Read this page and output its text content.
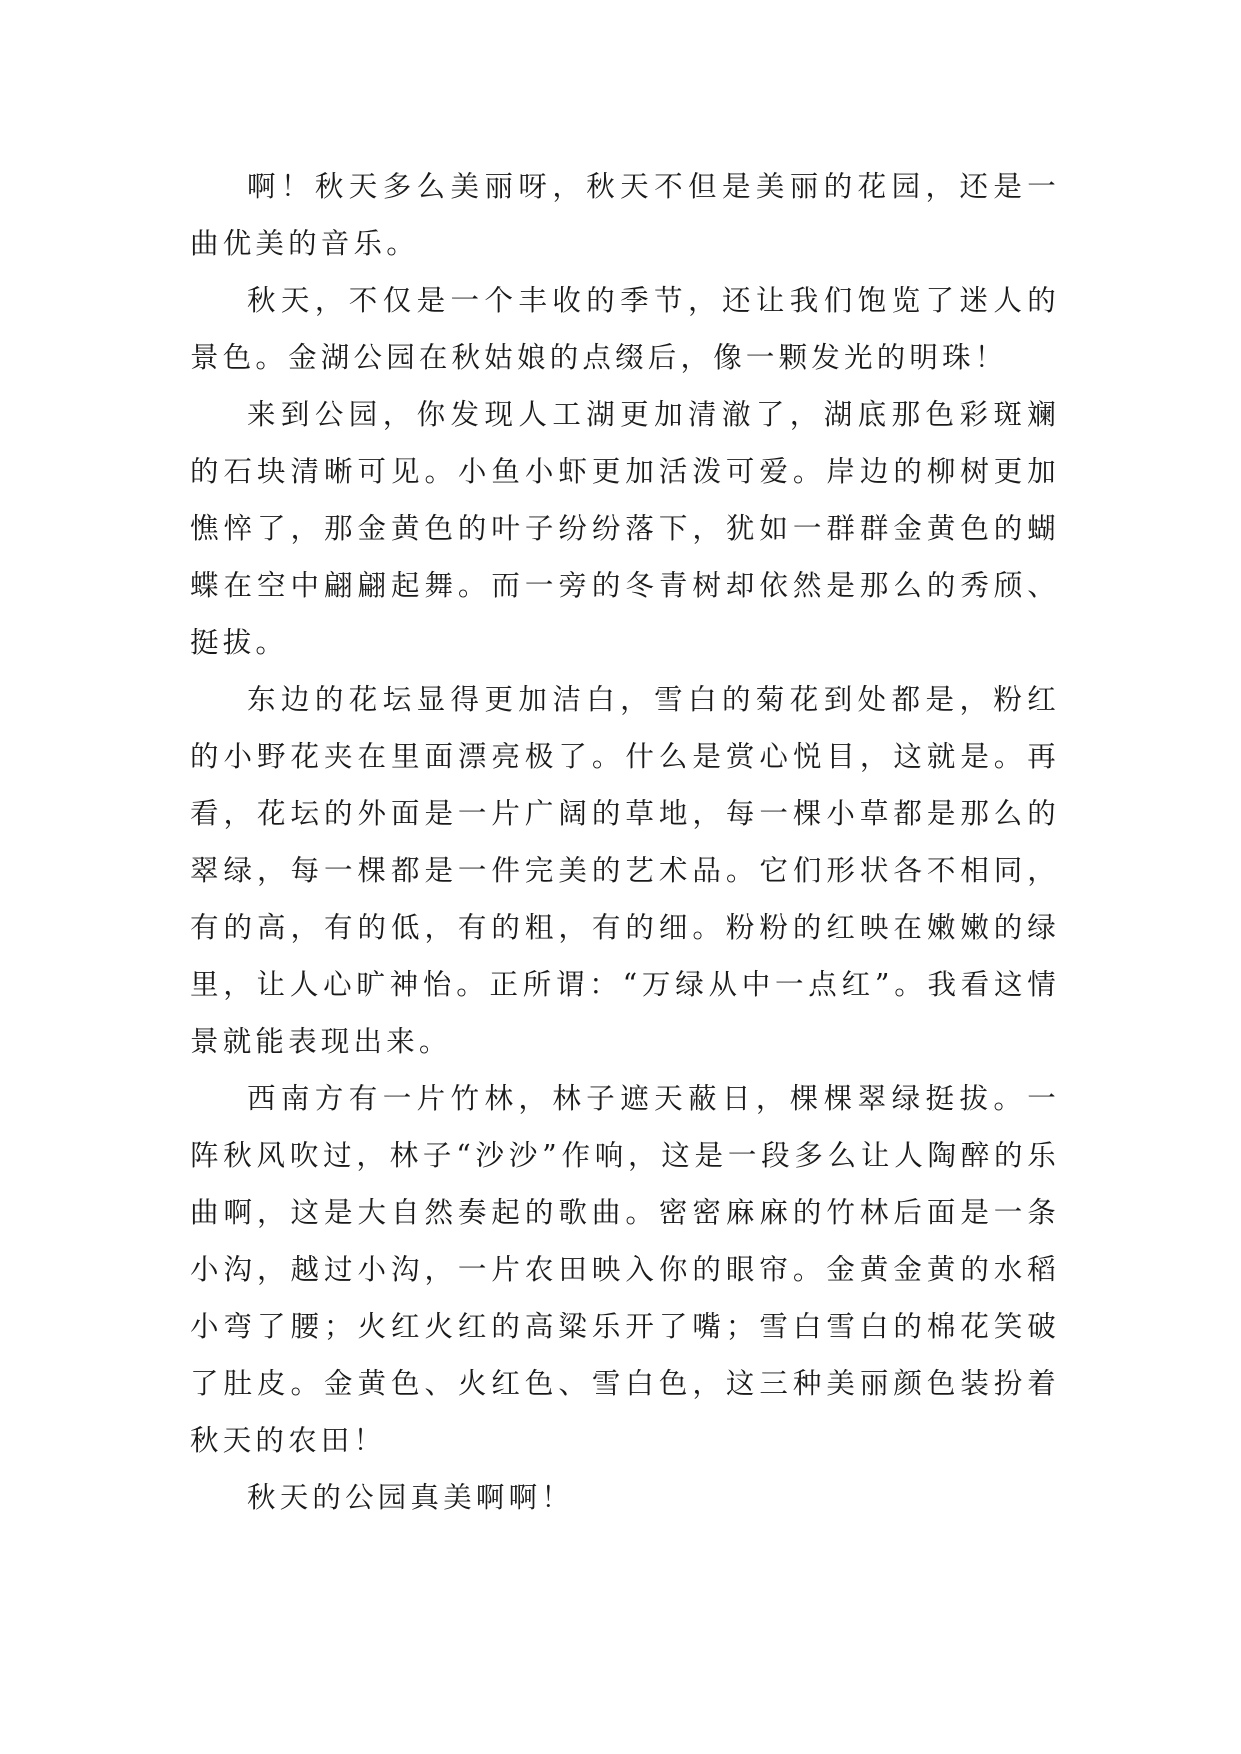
啊！秋天多么美丽呀，秋天不但是美丽的花园，还是一曲优美的音乐。

秋天，不仅是一个丰收的季节，还让我们饱览了迷人的景色。金湖公园在秋姑娘的点缀后，像一颗发光的明珠！

来到公园，你发现人工湖更加清澈了，湖底那色彩斑斓的石块清晰可见。小鱼小虾更加活泼可爱。岸边的柳树更加憔悴了，那金黄色的叶子纷纷落下，犹如一群群金黄色的蝴蝶在空中翩翩起舞。而一旁的冬青树却依然是那么的秀颀、挺拔。

东边的花坛显得更加洁白，雪白的菊花到处都是，粉红的小野花夹在里面漂亮极了。什么是赏心悦目，这就是。再看，花坛的外面是一片广阔的草地，每一棵小草都是那么的翠绿，每一棵都是一件完美的艺术品。它们形状各不相同，有的高，有的低，有的粗，有的细。粉粉的红映在嫩嫩的绿里，让人心旷神怡。正所谓：“万绿从中一点红”。我看这情景就能表现出来。

西南方有一片竹林，林子遮天蔽日，棵棵翠绿挺拔。一阵秋风吹过，林子“沙沙”作响，这是一段多么让人陶醉的乐曲啊，这是大自然奏起的歌曲。密密麻麻的竹林后面是一条小沟，越过小沟，一片农田映入你的眼帘。金黄金黄的水稻小弯了腰；火红火红的高粱乐开了嘴；雪白雪白的棉花笑破了肚皮。金黄色、火红色、雪白色，这三种美丽颜色装扮着秋天的农田！

秋天的公园真美啊啊！
